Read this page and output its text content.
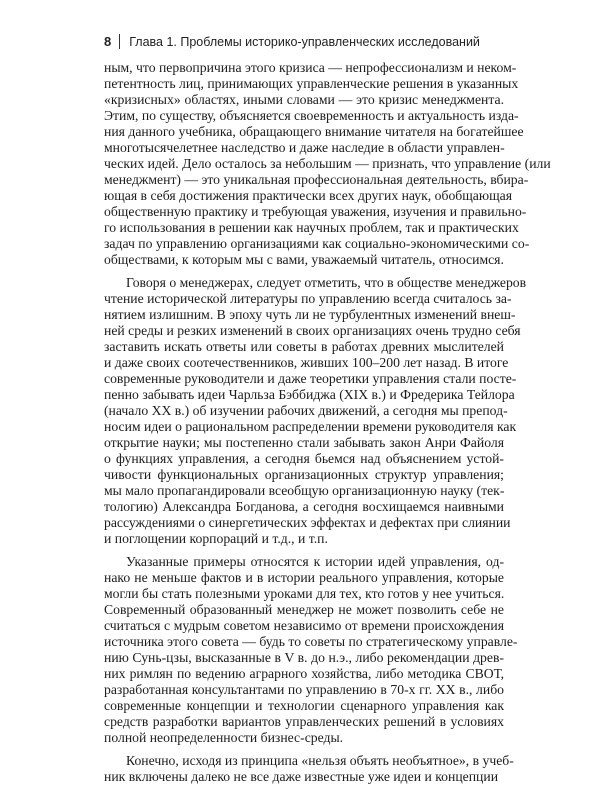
8 Глава 1. Проблемы историко-управленческих исследований

ным, что первопричина этого кризиса — непрофессионализм и неком-
петентность лиц, принимающих управленческие решения в указанных
«кризисных» областях, иными словами — это кризис менеджмента.
Этим, по существу, объясняется своевременность и актуальность изда-
ния данного учебника, обращающего внимание читателя на богатейшее
многотысячелетнее наследство и даже наследие в области управлен-
ческих идей. Дело осталось за небольшим — признать, что управление (или
менеджмент) — это уникальная профессиональная деятельность, вбира-
ющая в себя достижения практически всех других наук, обобщающая
общественную практику и требующая уважения, изучения и правильно-
го использования в решении как научных проблем, так и практических
задач по управлению организациями как социально-экономическими со-
обществами, к которым мы с вами, уважаемый читатель, относимся.

Говоря о менеджерах, следует отметить, что в обществе менеджеров
чтение исторической литературы по управлению всегда считалось за-
нятием излишним. В эпоху чуть ли не турбулентных изменений внеш-
ней среды и резких изменений в своих организациях очень трудно себя
заставить искать ответы или советы в работах древних мыслителей
и даже своих соотечественников, живших 100–200 лет назад. В итоге
современные руководители и даже теоретики управления стали посте-
пенно забывать идеи Чарльза Бэббиджа (XIX в.) и Фредерика Тейлора
(начало XX в.) об изучении рабочих движений, а сегодня мы препод-
носим идеи о рациональном распределении времени руководителя как
открытие науки; мы постепенно стали забывать закон Анри Файоля
о функциях управления, а сегодня бьемся над объяснением устой-
чивости функциональных организационных структур управления;
мы мало пропагандировали всеобщую организационную науку (тек-
тологию) Александра Богданова, а сегодня восхищаемся наивными
рассуждениями о синергетических эффектах и дефектах при слиянии
и поглощении корпораций и т.д., и т.п.

Указанные примеры относятся к истории идей управления, од-
нако не меньше фактов и в истории реального управления, которые
могли бы стать полезными уроками для тех, кто готов у нее учиться.
Современный образованный менеджер не может позволить себе не
считаться с мудрым советом независимо от времени происхождения
источника этого совета — будь то советы по стратегическому управле-
нию Сунь-цзы, высказанные в V в. до н.э., либо рекомендации древ-
них римлян по ведению аграрного хозяйства, либо методика СВОТ,
разработанная консультантами по управлению в 70-х гг. XX в., либо
современные концепции и технологии сценарного управления как
средств разработки вариантов управленческих решений в условиях
полной неопределенности бизнес-среды.

Конечно, исходя из принципа «нельзя объять необъятное», в учеб-
ник включены далеко не все даже известные уже идеи и концепции
